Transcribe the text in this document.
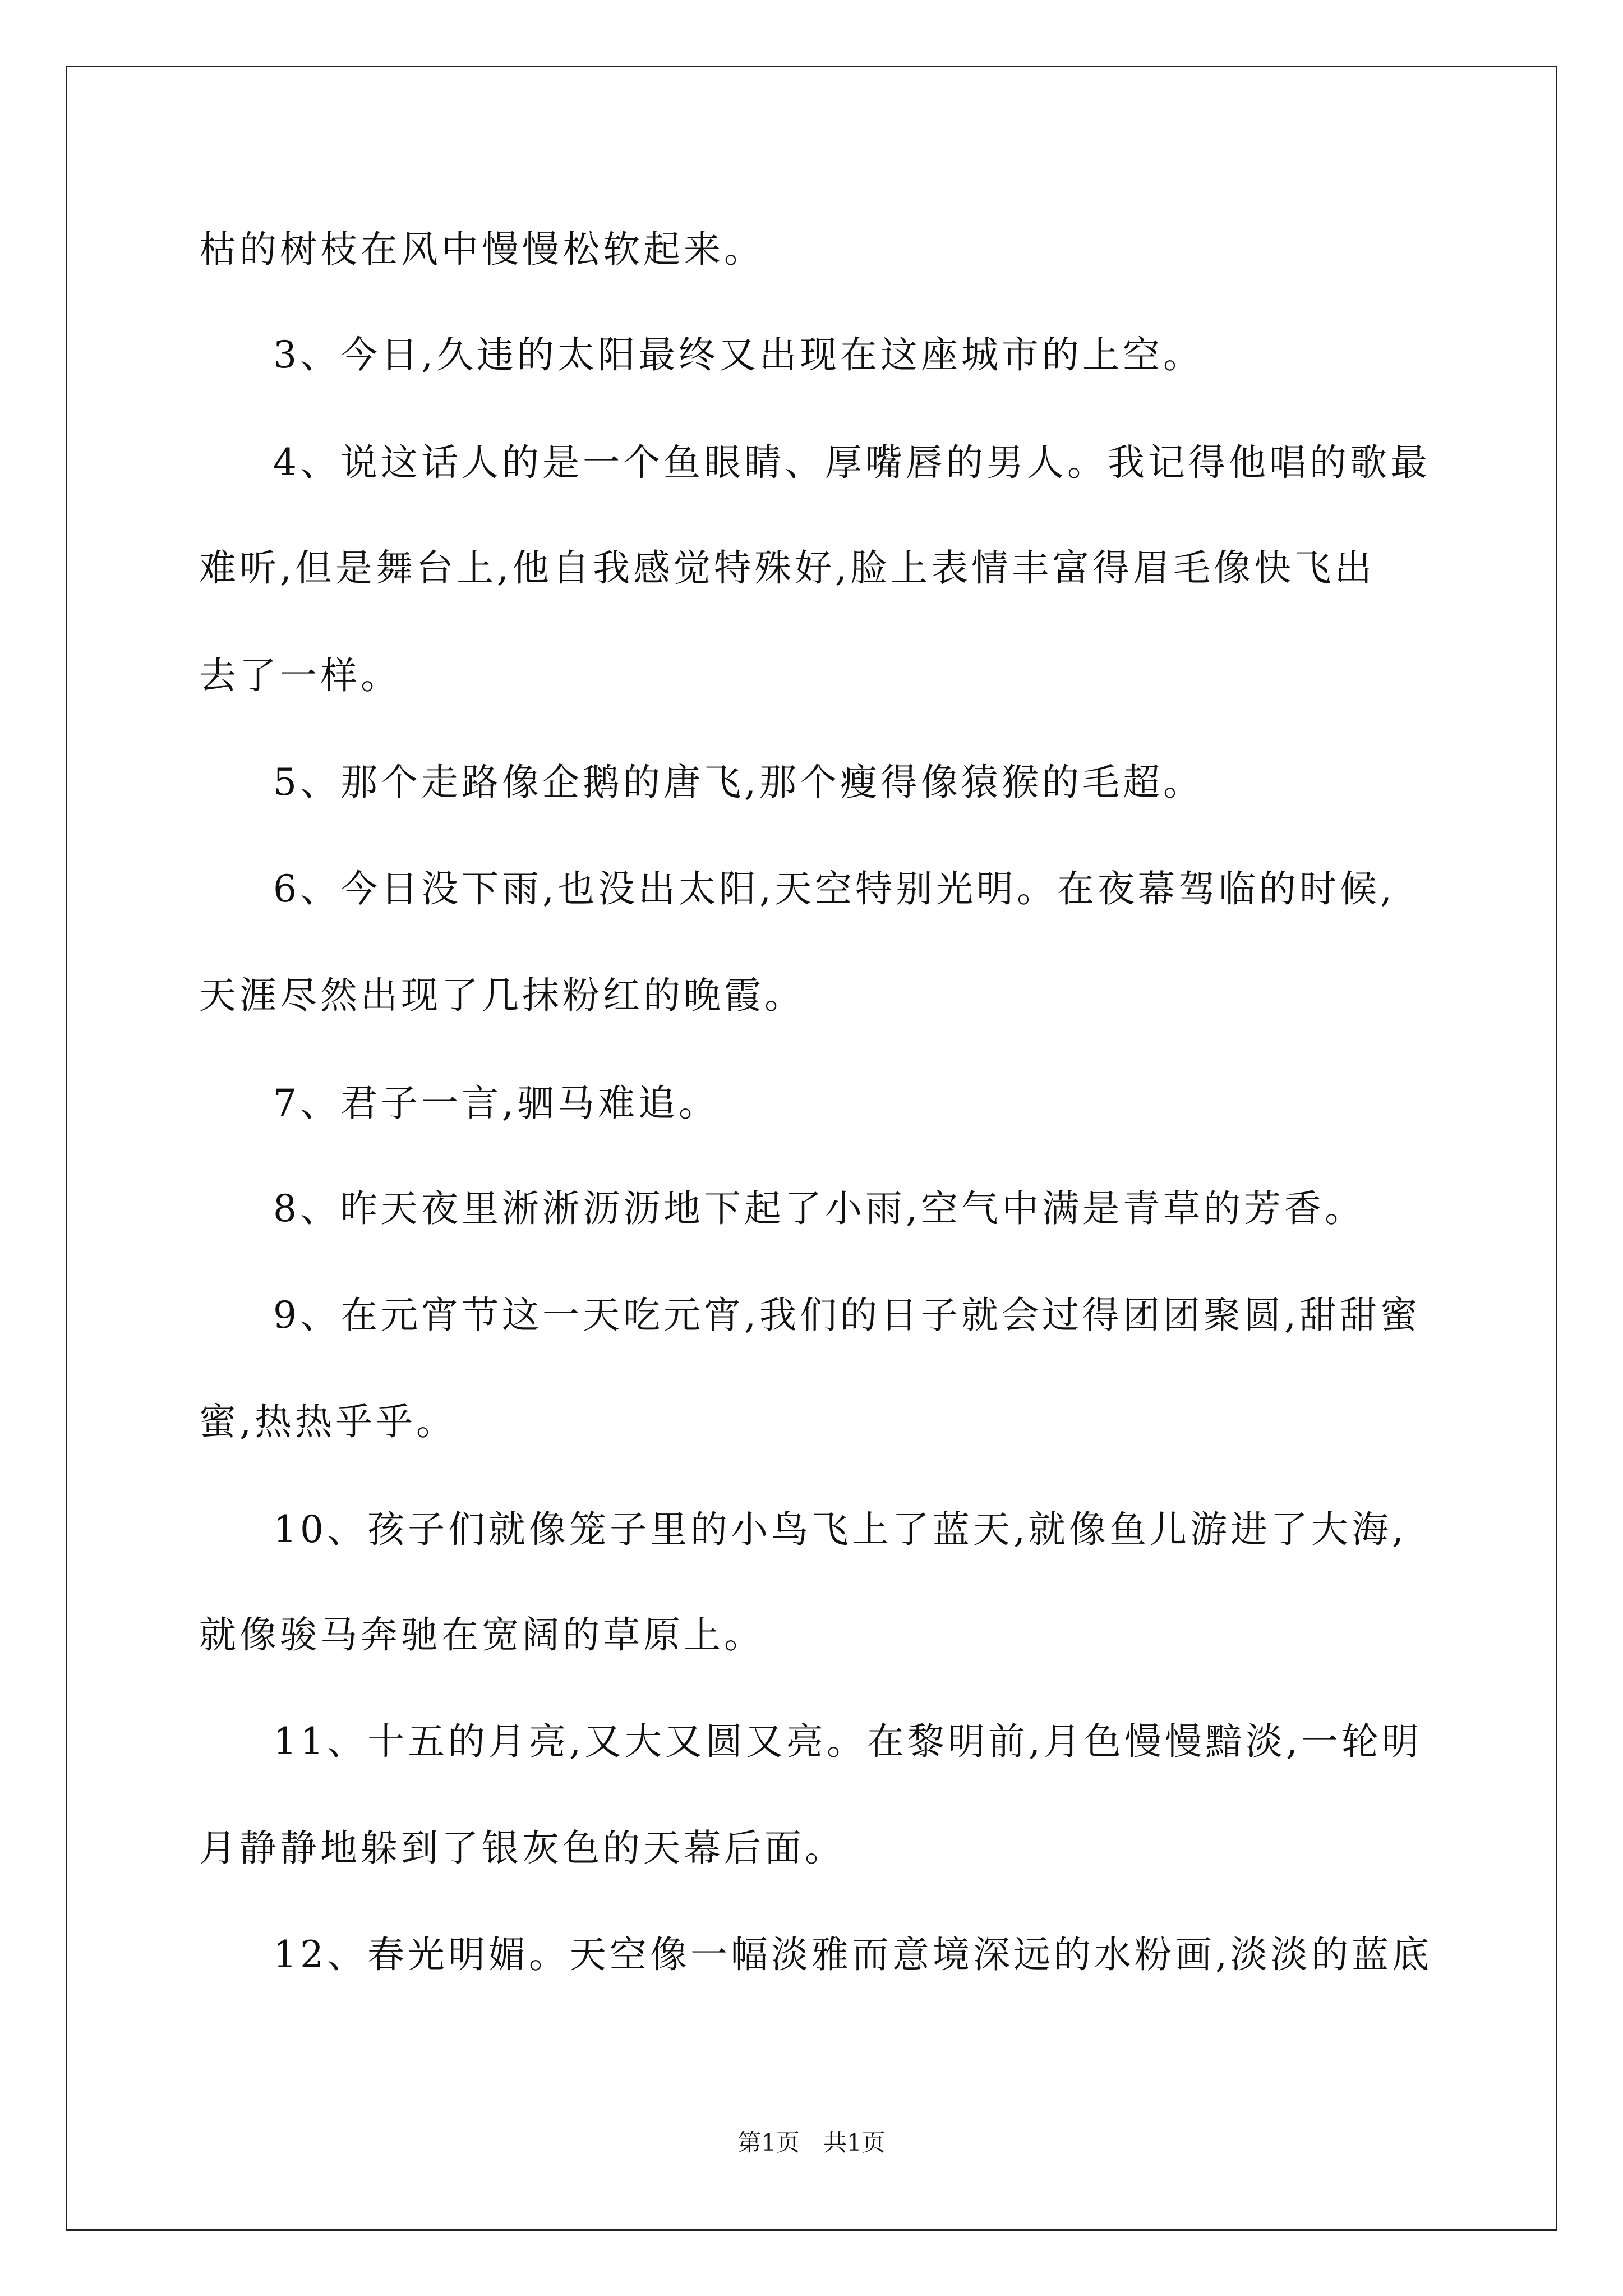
枯的树枝在风中慢慢松软起来。
3、今日,久违的太阳最终又出现在这座城市的上空。
4、说这话人的是一个鱼眼睛、厚嘴唇的男人。我记得他唱的歌最
难听,但是舞台上,他自我感觉特殊好,脸上表情丰富得眉毛像快飞出
去了一样。
5、那个走路像企鹅的唐飞,那个瘦得像猿猴的毛超。
6、今日没下雨,也没出太阳,天空特别光明。在夜幕驾临的时候,
天涯尽然出现了几抹粉红的晚霞。
7、君子一言,驷马难追。
8、昨天夜里淅淅沥沥地下起了小雨,空气中满是青草的芳香。
9、在元宵节这一天吃元宵,我们的日子就会过得团团聚圆,甜甜蜜
蜜,热热乎乎。
10、孩子们就像笼子里的小鸟飞上了蓝天,就像鱼儿游进了大海,
就像骏马奔驰在宽阔的草原上。
11、十五的月亮,又大又圆又亮。在黎明前,月色慢慢黯淡,一轮明
月静静地躲到了银灰色的天幕后面。
12、春光明媚。天空像一幅淡雅而意境深远的水粉画,淡淡的蓝底
第1页　共1页
